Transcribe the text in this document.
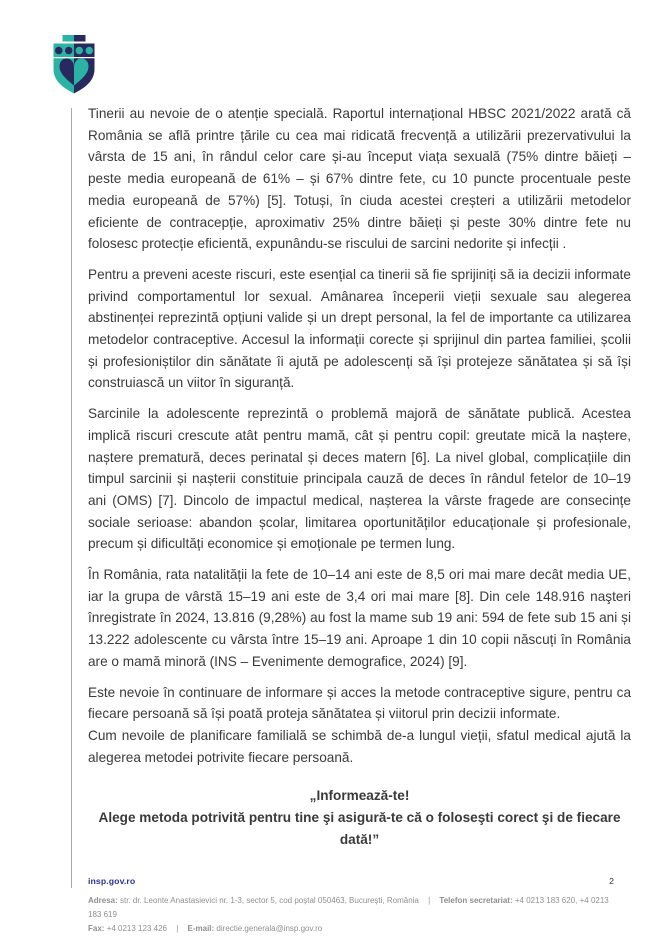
Tinerii au nevoie de o atenție specială. Raportul internațional HBSC 2021/2022 arată că România se află printre țările cu cea mai ridicată frecvență a utilizării prezervativului la vârsta de 15 ani, în rândul celor care și-au început viața sexuală (75% dintre băieți – peste media europeană de 61% – și 67% dintre fete, cu 10 puncte procentuale peste media europeană de 57%) [5]. Totuși, în ciuda acestei creșteri a utilizării metodelor eficiente de contracepție, aproximativ 25% dintre băieți și peste 30% dintre fete nu folosesc protecție eficientă, expunându-se riscului de sarcini nedorite și infecții .

Pentru a preveni aceste riscuri, este esențial ca tinerii să fie sprijiniți să ia decizii informate privind comportamentul lor sexual. Amânarea începerii vieții sexuale sau alegerea abstinenței reprezintă opțiuni valide și un drept personal, la fel de importante ca utilizarea metodelor contraceptive. Accesul la informații corecte și sprijinul din partea familiei, școlii și profesioniștilor din sănătate îi ajută pe adolescenți să își protejeze sănătatea și să își construiască un viitor în siguranță.

Sarcinile la adolescente reprezintă o problemă majoră de sănătate publică. Acestea implică riscuri crescute atât pentru mamă, cât și pentru copil: greutate mică la naștere, naștere prematură, deces perinatal și deces matern [6]. La nivel global, complicațiile din timpul sarcinii și nașterii constituie principala cauză de deces în rândul fetelor de 10–19 ani (OMS) [7]. Dincolo de impactul medical, nașterea la vârste fragede are consecințe sociale serioase: abandon școlar, limitarea oportunităților educaționale și profesionale, precum și dificultăți economice și emoționale pe termen lung.

În România, rata natalității la fete de 10–14 ani este de 8,5 ori mai mare decât media UE, iar la grupa de vârstă 15–19 ani este de 3,4 ori mai mare [8]. Din cele 148.916 naşteri înregistrate în 2024, 13.816 (9,28%) au fost la mame sub 19 ani: 594 de fete sub 15 ani și 13.222 adolescente cu vârsta între 15–19 ani. Aproape 1 din 10 copii născuți în România are o mamă minoră (INS – Evenimente demografice, 2024) [9].

Este nevoie în continuare de informare și acces la metode contraceptive sigure, pentru ca fiecare persoană să își poată proteja sănătatea și viitorul prin decizii informate.

Cum nevoile de planificare familială se schimbă de-a lungul vieții, sfatul medical ajută la alegerea metodei potrivite fiecare persoană.

„Informează-te!
Alege metoda potrivită pentru tine şi asigură-te că o foloseşti corect şi de fiecare dată!”
insp.gov.ro	2
Adresa: str. dr. Leonte Anastasievici nr. 1-3, sector 5, cod poștal 050463, București, România | Telefon secretariat: +4 0213 183 620, +4 0213 183 619
Fax: +4 0213 123 426 | E-mail: directie.generala@insp.gov.ro
